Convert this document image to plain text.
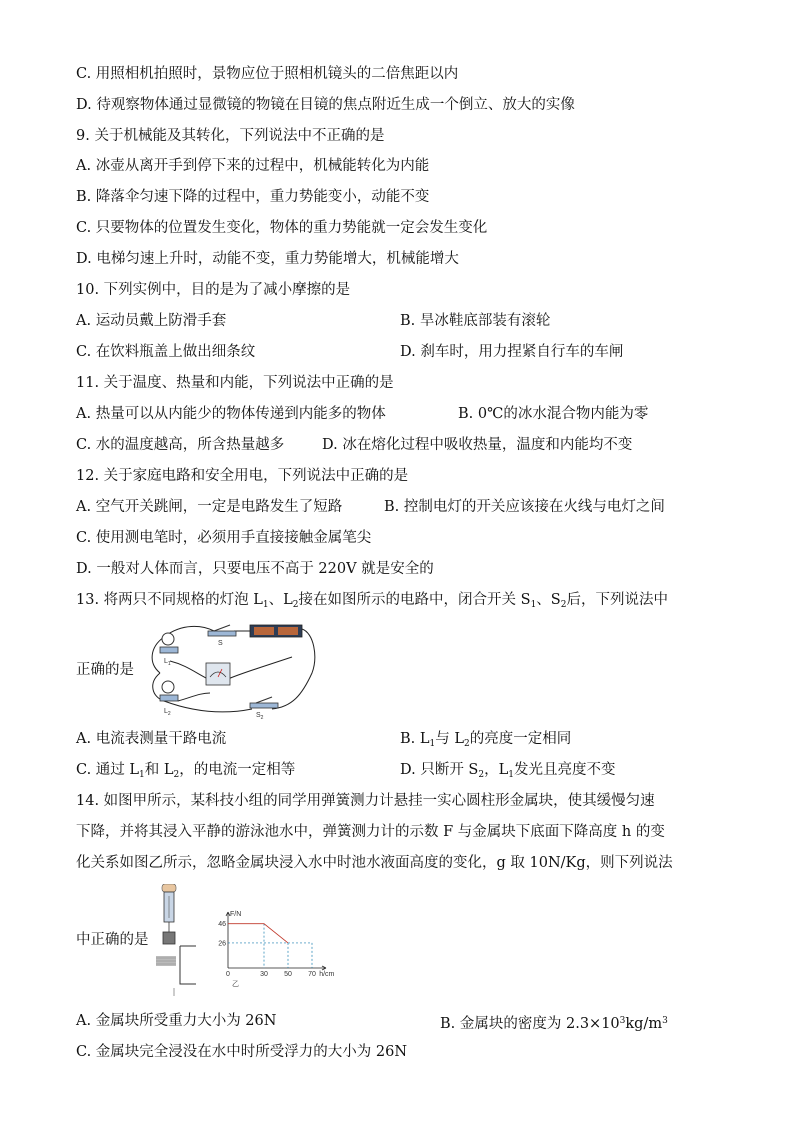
C. 用照相机拍照时，景物应位于照相机镜头的二倍焦距以内
D. 待观察物体通过显微镜的物镜在目镜的焦点附近生成一个倒立、放大的实像
9. 关于机械能及其转化，下列说法中不正确的是
A. 冰壶从离开手到停下来的过程中，机械能转化为内能
B. 降落伞匀速下降的过程中，重力势能变小，动能不变
C. 只要物体的位置发生变化，物体的重力势能就一定会发生变化
D. 电梯匀速上升时，动能不变，重力势能增大，机械能增大
10. 下列实例中，目的是为了减小摩擦的是
A. 运动员戴上防滑手套	B. 旱冰鞋底部装有滚轮
C. 在饮料瓶盖上做出细条纹	D. 刹车时，用力捏紧自行车的车闸
11. 关于温度、热量和内能，下列说法中正确的是
A. 热量可以从内能少的物体传递到内能多的物体	B. 0℃的冰水混合物内能为零
C. 水的温度越高，所含热量越多	D. 冰在熔化过程中吸收热量，温度和内能均不变
12. 关于家庭电路和安全用电，下列说法中正确的是
A. 空气开关跳闸，一定是电路发生了短路	B. 控制电灯的开关应该接在火线与电灯之间
C. 使用测电笔时，必须用手直接接触金属笔尖
D. 一般对人体而言，只要电压不高于 220V 就是安全的
13. 将两只不同规格的灯泡 $L_1$、$L_2$接在如图所示的电路中，闭合开关 $S_1$、$S_2$后，下列说法中
正确的是
$L_1$
S
$L_2$	$S_2$
A. 电流表测量干路电流	B. $L_1$与 $L_2$的亮度一定相同
C. 通过 $L_1$和 $L_2$，的电流一定相等	D. 只断开 $S_2$，$L_1$发光且亮度不变
14. 如图甲所示，某科技小组的同学用弹簧测力计悬挂一实心圆柱形金属块，使其缓慢匀速
下降，并将其浸入平静的游泳池水中，弹簧测力计的示数 F 与金属块下底面下降高度 h 的变
化关系如图乙所示，忽略金属块浸入水中时池水液面高度的变化，g 取 10N/Kg，则下列说法
中正确的是
46
26
0	30 50 70 h/cm
F/N
乙
A. 金属块所受重力大小为 26N	B. 金属块的密度为 $2.3\times 10^3kg/m^3$
C. 金属块完全浸没在水中时所受浮力的大小为 26N
